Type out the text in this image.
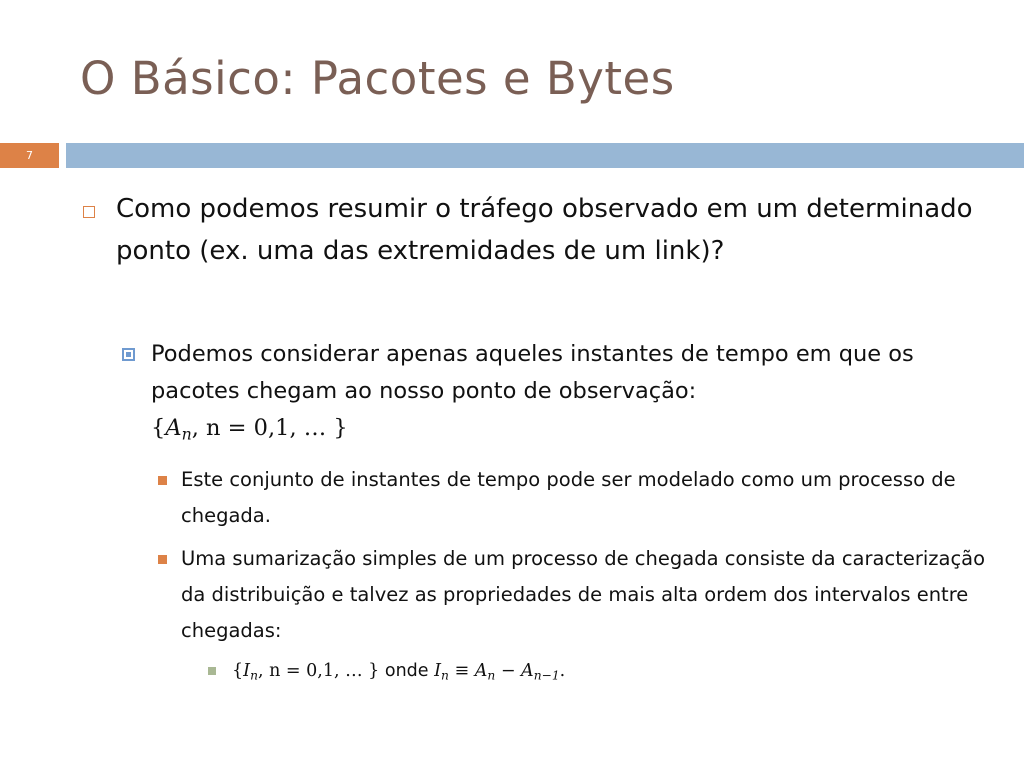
O Básico: Pacotes e Bytes
7
Como podemos resumir o tráfego observado em um determinado ponto (ex. uma das extremidades de um link)?
Podemos considerar apenas aqueles instantes de tempo em que os pacotes chegam ao nosso ponto de observação:
{$A_n$, n = 0,1, … }
Este conjunto de instantes de tempo pode ser modelado como um processo de chegada.
Uma sumarização simples de um processo de chegada consiste da caracterização da distribuição e talvez as propriedades de mais alta ordem dos intervalos entre chegadas:
{$I_n$, n = 0,1, … } onde $I_n \equiv A_n - A_{n-1}$.
